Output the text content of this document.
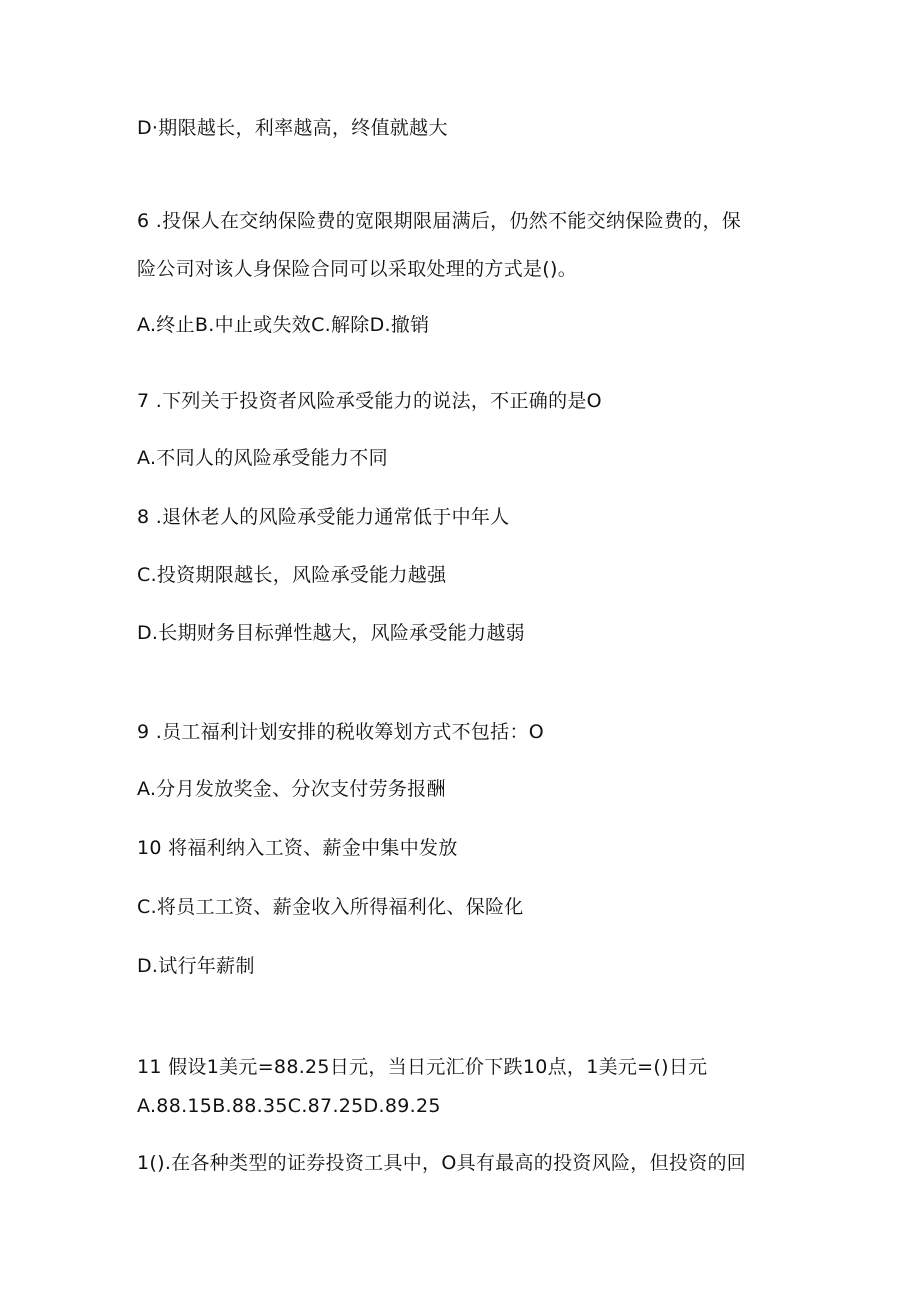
D·期限越长，利率越高，终值就越大
6 .投保人在交纳保险费的宽限期限届满后，仍然不能交纳保险费的，保
险公司对该人身保险合同可以采取处理的方式是()。
A.终止B.中止或失效C.解除D.撤销
7 .下列关于投资者风险承受能力的说法，不正确的是O
A.不同人的风险承受能力不同
8 .退休老人的风险承受能力通常低于中年人
C.投资期限越长，风险承受能力越强
D.长期财务目标弹性越大，风险承受能力越弱
9 .员工福利计划安排的税收筹划方式不包括：O
A.分月发放奖金、分次支付劳务报酬
10 将福利纳入工资、薪金中集中发放
C.将员工工资、薪金收入所得福利化、保险化
D.试行年薪制
11 假设1美元=88.25日元，当日元汇价下跌10点，1美元=()日元
A.88.15B.88.35C.87.25D.89.25
1().在各种类型的证券投资工具中，O具有最高的投资风险，但投资的回
